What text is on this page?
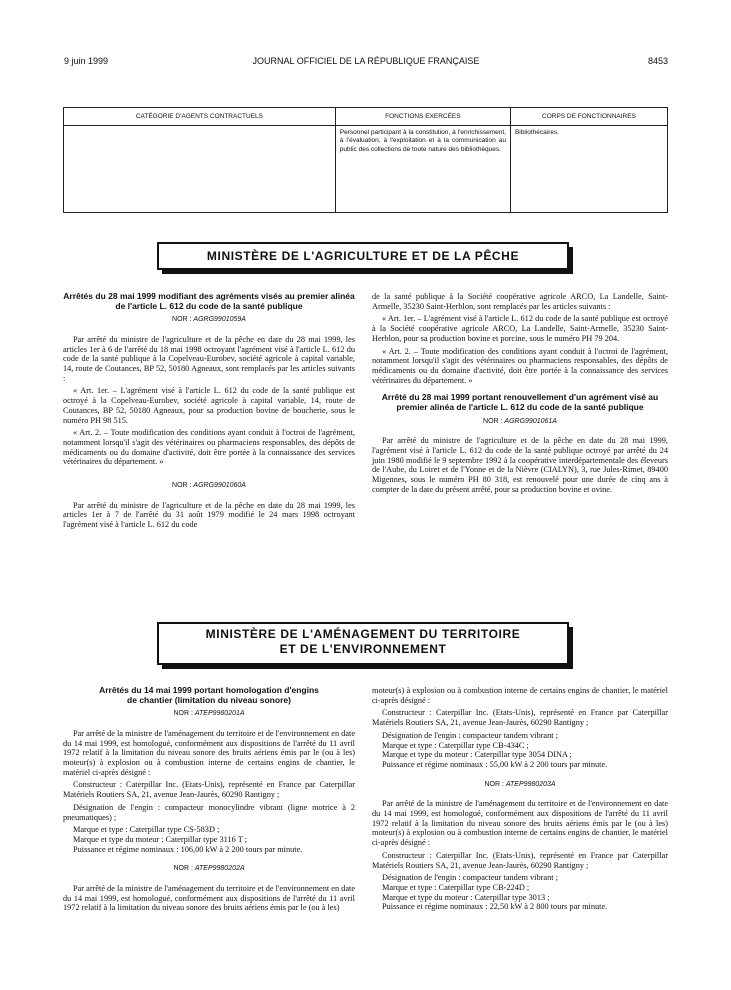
9 juin 1999	JOURNAL OFFICIEL DE LA RÉPUBLIQUE FRANÇAISE	8453
CATÉGORIE D'AGENTS CONTRACTUELS	FONCTIONS EXERCÉES	CORPS DE FONCTIONNAIRES
	Personnel participant à la constitution, à l'enrichissement, à l'évaluation, à l'exploitation et à la communication au public des collections de toute nature des bibliothèques.	Bibliothécaires.
MINISTÈRE DE L'AGRICULTURE ET DE LA PÊCHE
Arrêtés du 28 mai 1999 modifiant des agréments visés au premier alinéa de l'article L. 612 du code de la santé publique
NOR : AGRG9901059A

Par arrêté du ministre de l'agriculture et de la pêche en date du 28 mai 1999, les articles 1er à 6 de l'arrêté du 18 mai 1998 octroyant l'agrément visé à l'article L. 612 du code de la santé publique à la Copelveau-Eurobev, société agricole à capital variable, 14, route de Coutances, BP 52, 50180 Agneaux, sont remplacés par les articles suivants :

« Art. 1er. – L'agrément visé à l'article L. 612 du code de la santé publique est octroyé à la Copelveau-Eurobev, société agricole à capital variable, 14, route de Coutances, BP 52, 50180 Agneaux, pour sa production bovine de boucherie, sous le numéro PH 98 515.

« Art. 2. – Toute modification des conditions ayant conduit à l'octroi de l'agrément, notamment lorsqu'il s'agit des vétérinaires ou pharmaciens responsables, des dépôts de médicaments ou du domaine d'activité, doit être portée à la connaissance des services vétérinaires du département. »

NOR : AGRG9901060A

Par arrêté du ministre de l'agriculture et de la pêche en date du 28 mai 1999, les articles 1er à 7 de l'arrêté du 31 août 1979 modifié le 24 mars 1998 octroyant l'agrément visé à l'article L. 612 du code

de la santé publique à la Société coopérative agricole ARCO, La Landelle, Saint-Armelle, 35230 Saint-Herblon, sont remplacés par les articles suivants :

« Art. 1er. – L'agrément visé à l'article L. 612 du code de la santé publique est octroyé à la Société coopérative agricole ARCO, La Landelle, Saint-Armelle, 35230 Saint-Herblon, pour sa production bovine et porcine, sous le numéro PH 79 204.

« Art. 2. – Toute modification des conditions ayant conduit à l'octroi de l'agrément, notamment lorsqu'il s'agit des vétérinaires ou pharmaciens responsables, des dépôts de médicaments ou du domaine d'activité, doit être portée à la connaissance des services vétérinaires du département. »

Arrêté du 28 mai 1999 portant renouvellement d'un agrément visé au premier alinéa de l'article L. 612 du code de la santé publique
NOR : AGRG9901061A

Par arrêté du ministre de l'agriculture et de la pêche en date du 28 mai 1999, l'agrément visé à l'article L. 612 du code de la santé publique octroyé par arrêté du 24 juin 1980 modifié le 9 septembre 1992 à la coopérative interdépartementale des éleveurs de l'Aube, du Loiret et de l'Yonne et de la Nièvre (CIALYN), 3, rue Jules-Rimet, 89400 Migennes, sous le numéro PH 80 318, est renouvelé pour une durée de cinq ans à compter de la date du présent arrêté, pour sa production bovine et ovine.

MINISTÈRE DE L'AMÉNAGEMENT DU TERRITOIRE
ET DE L'ENVIRONNEMENT
Arrêtés du 14 mai 1999 portant homologation d'engins de chantier (limitation du niveau sonore)
NOR : ATEP9980201A

Par arrêté de la ministre de l'aménagement du territoire et de l'environnement en date du 14 mai 1999, est homologué, conformément aux dispositions de l'arrêté du 11 avril 1972 relatif à la limitation du niveau sonore des bruits aériens émis par le (ou à les) moteur(s) à explosion ou à combustion interne de certains engins de chantier, le matériel ci-après désigné :

Constructeur : Caterpillar Inc. (Etats-Unis), représenté en France par Caterpillar Matériels Routiers SA, 21, avenue Jean-Jaurès, 60290 Rantigny ;

Désignation de l'engin : compacteur monocylindre vibrant (ligne motrice à 2 pneumatiques) ;

Marque et type : Caterpillar type CS-583D ;

Marque et type du moteur : Caterpillar type 3116 T ;

Puissance et régime nominaux : 106,00 kW à 2 200 tours par minute.

NOR : ATEP9980202A

Par arrêté de la ministre de l'aménagement du territoire et de l'environnement en date du 14 mai 1999, est homologué, conformément aux dispositions de l'arrêté du 11 avril 1972 relatif à la limitation du niveau sonore des bruits aériens émis par le (ou à les)

moteur(s) à explosion ou à combustion interne de certains engins de chantier, le matériel ci-après désigné :

Constructeur : Caterpillar Inc. (Etats-Unis), représenté en France par Caterpillar Matériels Routiers SA, 21, avenue Jean-Jaurès, 60290 Rantigny ;

Désignation de l'engin : compacteur tandem vibrant ;

Marque et type : Caterpillar type CB-434C ;

Marque et type du moteur : Caterpillar type 3054 DINA ;

Puissance et régime nominaux : 55,00 kW à 2 200 tours par minute.

NOR : ATEP9980203A

Par arrêté de la ministre de l'aménagement du territoire et de l'environnement en date du 14 mai 1999, est homologué, conformément aux dispositions de l'arrêté du 11 avril 1972 relatif à la limitation du niveau sonore des bruits aériens émis par le (ou à les) moteur(s) à explosion ou à combustion interne de certains engins de chantier, le matériel ci-après désigné :

Constructeur : Caterpillar Inc. (Etats-Unis), représenté en France par Caterpillar Matériels Routiers SA, 21, avenue Jean-Jaurès, 60290 Rantigny ;

Désignation de l'engin : compacteur tandem vibrant ;

Marque et type : Caterpillar type CB-224D ;

Marque et type du moteur : Caterpillar type 3013 ;

Puissance et régime nominaux : 22,50 kW à 2 800 tours par minute.
